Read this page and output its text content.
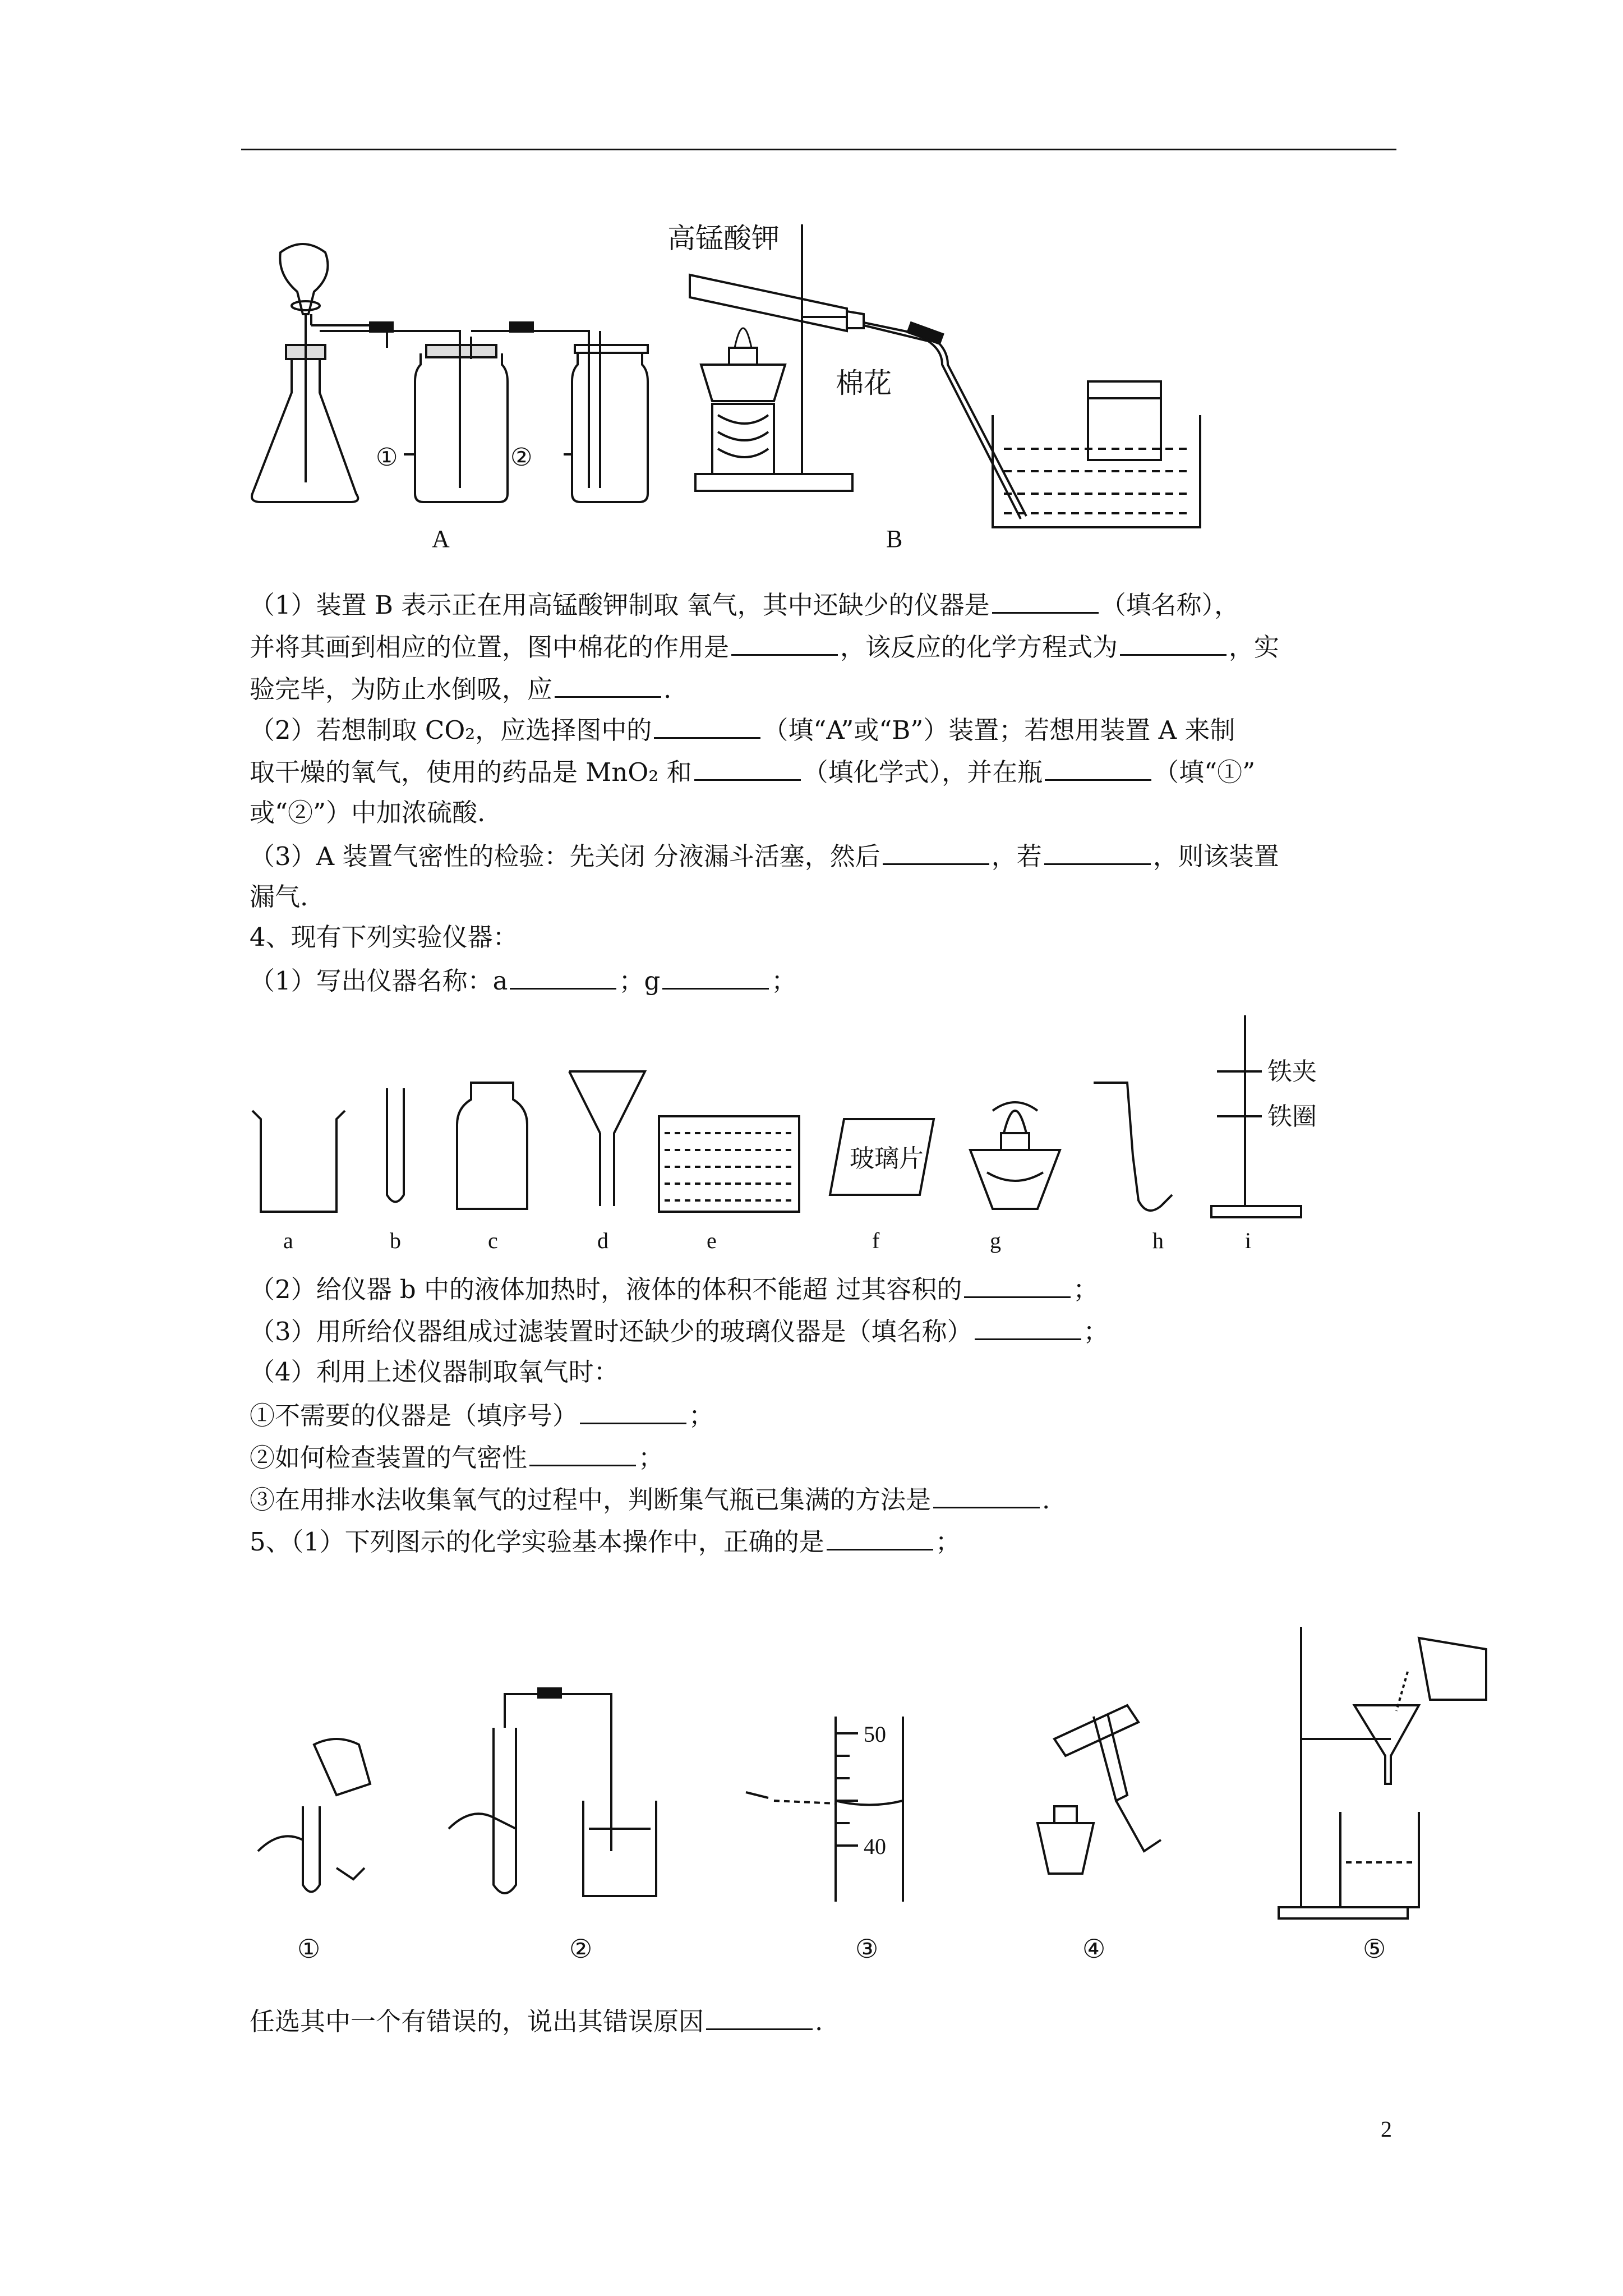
①	②
A
高锰酸钾
棉花
B
（1）装置 B 表示正在用高锰酸钾制取 氧气，其中还缺少的仪器是	（填名称），
并将其画到相应的位置，图中棉花的作用是	，该反应的化学方程式为	，实
验完毕，为防止水倒吸，应	.
（2）若想制取 CO₂，应选择图中的	（填“A”或“B”）装置；若想用装置 A 来制
取干燥的氧气，使用的药品是 MnO₂ 和	（填化学式），并在瓶	（填“①”
或“②”）中加浓硫酸.
（3）A 装置气密性的检验：先关闭 分液漏斗活塞，然后	，若	，则该装置
漏气.
4、现有下列实验仪器：
（1）写出仪器名称：a	；g	；
玻璃片
铁夹
铁圈
a	b	c	d	e	f	g	h	i
（2）给仪器 b 中的液体加热时，液体的体积不能超 过其容积的	；
（3）用所给仪器组成过滤装置时还缺少的玻璃仪器是（填名称）	；
（4）利用上述仪器制取氧气时：
①不需要的仪器是（填序号）	；
②如何检查装置的气密性	；
③在用排水法收集氧气的过程中，判断集气瓶已集满的方法是	.
5、（1）下列图示的化学实验基本操作中，正确的是	；
50
40
①	②	③	④	⑤
任选其中一个有错误的，说出其错误原因	.
2
